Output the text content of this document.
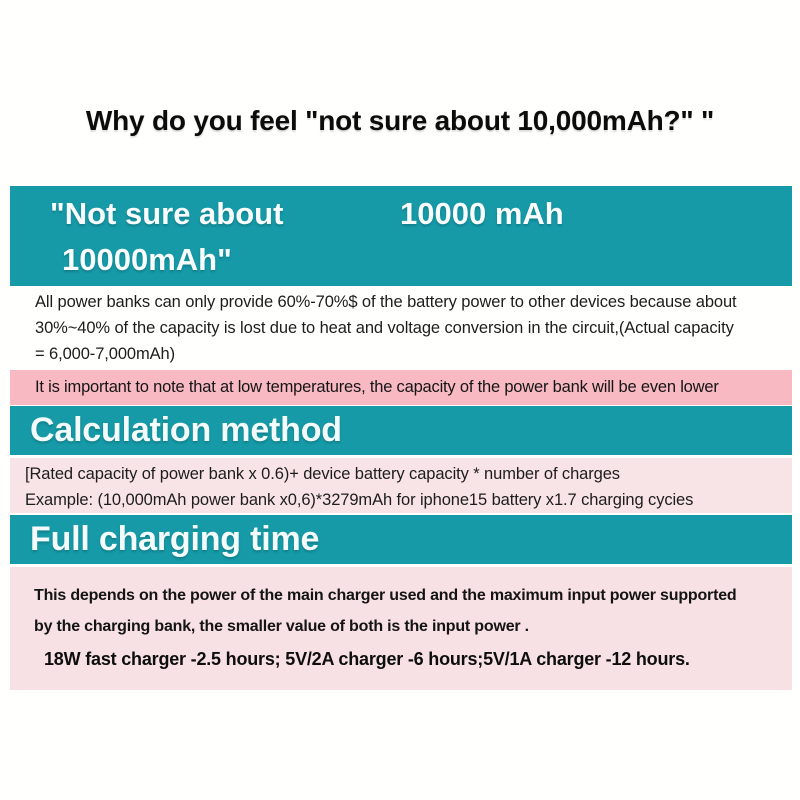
Why do you feel "not sure about 10,000mAh?" "
"Not sure about	10000 mAh
10000mAh"
All power banks can only provide 60%-70%$ of the battery power to other devices because about
30%~40% of the capacity is lost due to heat and voltage conversion in the circuit,(Actual capacity
= 6,000-7,000mAh)
It is important to note that at low temperatures, the capacity of the power bank will be even lower
Calculation method
[Rated capacity of power bank x 0.6)+ device battery capacity * number of charges
Example: (10,000mAh power bank x0,6)*3279mAh for iphone15 battery x1.7 charging cycies
Full charging time
This depends on the power of the main charger used and the maximum input power supported
by the charging bank, the smaller value of both is the input power .
18W fast charger -2.5 hours; 5V/2A charger -6 hours;5V/1A charger -12 hours.
